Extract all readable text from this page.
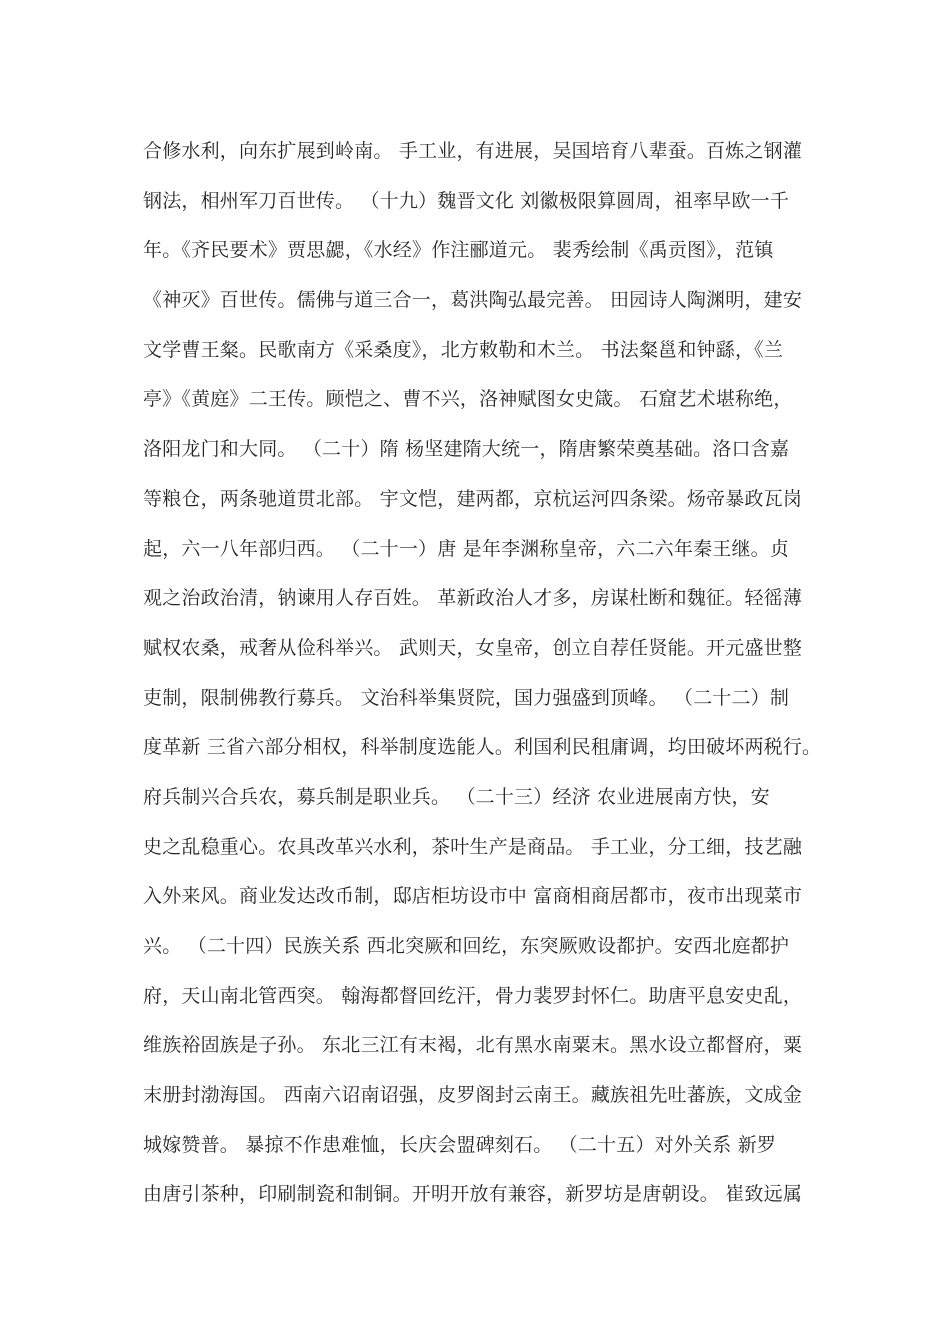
合修水利，向东扩展到岭南。 手工业，有进展，吴国培育八辈蚕。百炼之钢灌
钢法，相州军刀百世传。 （十九）魏晋文化 刘徽极限算圆周，祖率早欧一千
年。《齐民要术》贾思勰，《水经》作注郦道元。 裴秀绘制《禹贡图》，范镇
《神灭》百世传。儒佛与道三合一，葛洪陶弘最完善。 田园诗人陶渊明，建安
文学曹王粲。民歌南方《采桑度》，北方敕勒和木兰。 书法粲邕和钟繇，《兰
亭》《黄庭》二王传。顾恺之、曹不兴，洛神赋图女史箴。 石窟艺术堪称绝，
洛阳龙门和大同。 （二十）隋 杨坚建隋大统一，隋唐繁荣奠基础。洛口含嘉
等粮仓，两条驰道贯北部。 宇文恺，建两都，京杭运河四条梁。炀帝暴政瓦岗
起，六一八年部归西。 （二十一）唐 是年李渊称皇帝，六二六年秦王继。贞
观之治政治清，钠谏用人存百姓。 革新政治人才多，房谋杜断和魏征。轻徭薄
赋权农桑，戒奢从俭科举兴。 武则天，女皇帝，创立自荐任贤能。开元盛世整
吏制，限制佛教行募兵。 文治科举集贤院，国力强盛到顶峰。 （二十二）制
度革新 三省六部分相权，科举制度选能人。利国利民租庸调，均田破坏两税行。
府兵制兴合兵农，募兵制是职业兵。 （二十三）经济 农业进展南方快，安
史之乱稳重心。农具改革兴水利，茶叶生产是商品。 手工业，分工细，技艺融
入外来风。商业发达改币制，邸店柜坊设市中 富商相商居都市，夜市出现菜市
兴。 （二十四）民族关系 西北突厥和回纥，东突厥败设都护。安西北庭都护
府，天山南北管西突。 翰海都督回纥汗，骨力裴罗封怀仁。助唐平息安史乱，
维族裕固族是子孙。 东北三江有末褐，北有黑水南粟末。黑水设立都督府，粟
末册封渤海国。 西南六诏南诏强，皮罗阁封云南王。藏族祖先吐蕃族，文成金
城嫁赞普。 暴掠不作患难恤，长庆会盟碑刻石。 （二十五）对外关系 新罗
由唐引茶种，印刷制瓷和制铜。开明开放有兼容，新罗坊是唐朝设。 崔致远属
